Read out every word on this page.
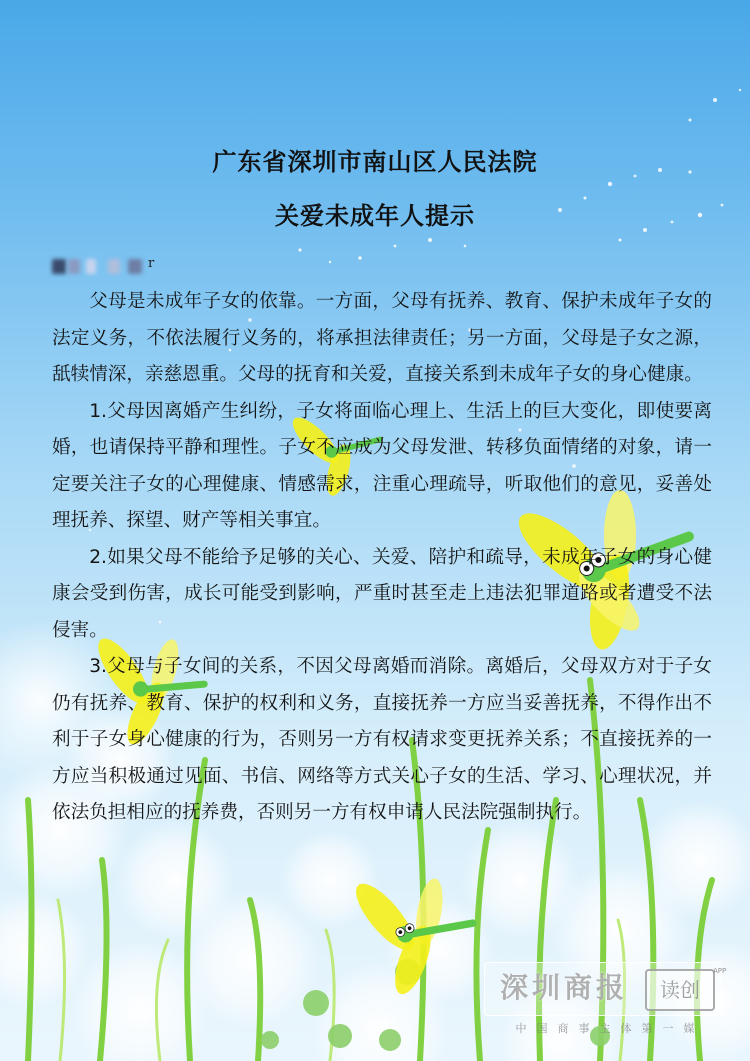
广东省深圳市南山区人民法院
关爱未成年人提示
r

父母是未成年子女的依靠。一方面，父母有抚养、教育、保护未成年子女的法定义务，不依法履行义务的，将承担法律责任；另一方面，父母是子女之源，舐犊情深，亲慈恩重。父母的抚育和关爱，直接关系到未成年子女的身心健康。

1.父母因离婚产生纠纷，子女将面临心理上、生活上的巨大变化，即使要离婚，也请保持平静和理性。子女不应成为父母发泄、转移负面情绪的对象，请一定要关注子女的心理健康、情感需求，注重心理疏导，听取他们的意见，妥善处理抚养、探望、财产等相关事宜。

2.如果父母不能给予足够的关心、关爱、陪护和疏导，未成年子女的身心健康会受到伤害，成长可能受到影响，严重时甚至走上违法犯罪道路或者遭受不法侵害。

3.父母与子女间的关系，不因父母离婚而消除。离婚后，父母双方对于子女仍有抚养、教育、保护的权利和义务，直接抚养一方应当妥善抚养，不得作出不利于子女身心健康的行为，否则另一方有权请求变更抚养关系；不直接抚养的一方应当积极通过见面、书信、网络等方式关心子女的生活、学习、心理状况，并依法负担相应的抚养费，否则另一方有权申请人民法院强制执行。

深圳商报	读创
APP
中国商事主体第一媒
